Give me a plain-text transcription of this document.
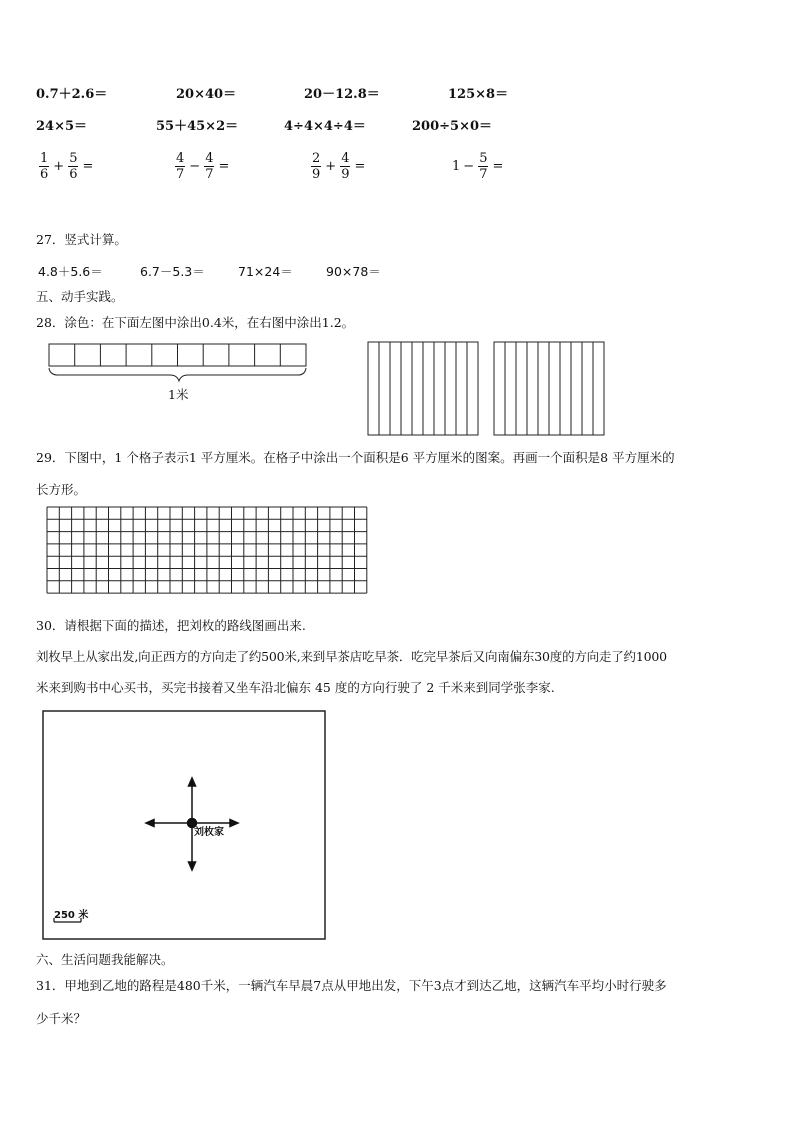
0.7＋2.6＝	20×40＝	20－12.8＝	125×8＝
24×5＝	55＋45×2＝	4÷4×4÷4＝	200÷5×0＝
$\frac{1}{6} + \frac{5}{6}$ =	$\frac{4}{7} - \frac{4}{7}$ =	$\frac{2}{9} + \frac{4}{9}$ =	$1 - \frac{5}{7}$ =
27．竖式计算。
4.8＋5.6＝	6.7－5.3＝	71×24＝	90×78＝
五、动手实践。
28．涂色：在下面左图中涂出0.4米，在右图中涂出1.2。
1米
29．下图中，1 个格子表示1 平方厘米。在格子中涂出一个面积是6 平方厘米的图案。再画一个面积是8 平方厘米的
长方形。
30．请根据下面的描述，把刘枚的路线图画出来.
刘枚早上从家出发,向正西方的方向走了约500米,来到早茶店吃早茶．吃完早茶后又向南偏东30度的方向走了约1000
米来到购书中心买书，买完书接着又坐车沿北偏东 45 度的方向行驶了 2 千米来到同学张李家.
刘枚家
250 米
六、生活问题我能解决。
31．甲地到乙地的路程是480千米，一辆汽车早晨7点从甲地出发，下午3点才到达乙地，这辆汽车平均小时行驶多
少千米？
